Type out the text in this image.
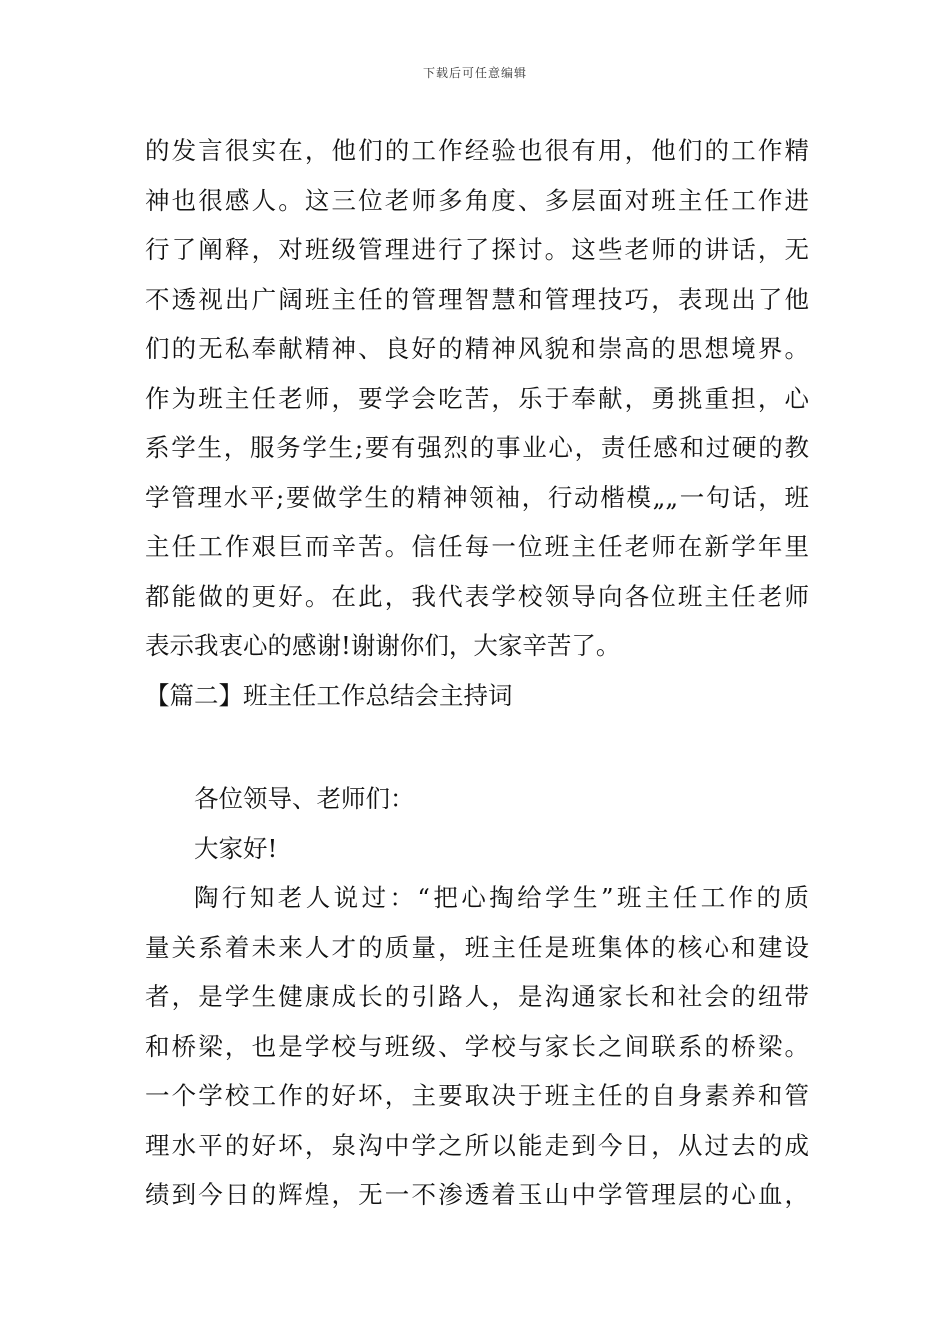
下载后可任意编辑
的发言很实在，他们的工作经验也很有用，他们的工作精
神也很感人。这三位老师多角度、多层面对班主任工作进
行了阐释，对班级管理进行了探讨。这些老师的讲话，无
不透视出广阔班主任的管理智慧和管理技巧，表现出了他
们的无私奉献精神、良好的精神风貌和崇高的思想境界。
作为班主任老师，要学会吃苦，乐于奉献，勇挑重担，心
系学生，服务学生;要有强烈的事业心，责任感和过硬的教
学管理水平;要做学生的精神领袖，行动楷模„„一句话，班
主任工作艰巨而辛苦。信任每一位班主任老师在新学年里
都能做的更好。在此，我代表学校领导向各位班主任老师
表示我衷心的感谢!谢谢你们，大家辛苦了。
【篇二】班主任工作总结会主持词
各位领导、老师们：
大家好!
陶行知老人说过：“把心掏给学生”班主任工作的质
量关系着未来人才的质量，班主任是班集体的核心和建设
者，是学生健康成长的引路人，是沟通家长和社会的纽带
和桥梁，也是学校与班级、学校与家长之间联系的桥梁。
一个学校工作的好坏，主要取决于班主任的自身素养和管
理水平的好坏，泉沟中学之所以能走到今日，从过去的成
绩到今日的辉煌，无一不渗透着玉山中学管理层的心血，
